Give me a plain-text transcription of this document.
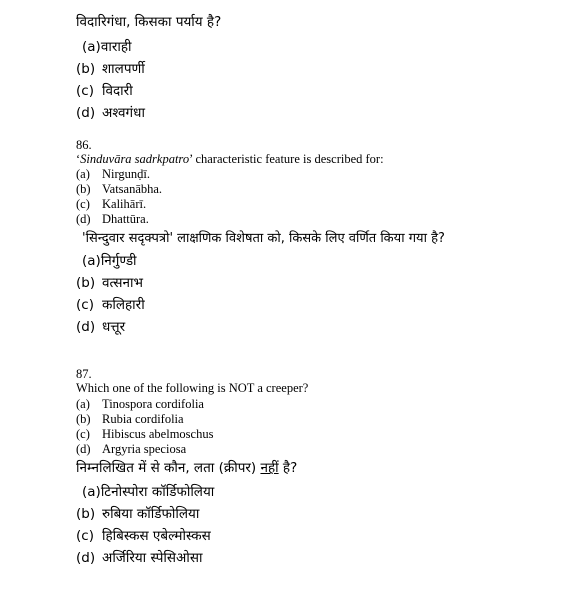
विदारिगंधा, किसका पर्याय है?
(a)वाराही
(b) शालपर्णी
(c) विदारी
(d) अश्वगंधा
86.
‘Sinduvāra sadrkpatro’ characteristic feature is described for:
(a) Nirgunḍī.
(b) Vatsanābha.
(c) Kalihārī.
(d) Dhattūra.
'सिन्दुवार सदृक्पत्रो' लाक्षणिक विशेषता को, किसके लिए वर्णित किया गया है?
(a)निर्गुण्डी
(b) वत्सनाभ
(c) कलिहारी
(d) धत्तूर
87.
Which one of the following is NOT a creeper?
(a) Tinospora cordifolia
(b) Rubia cordifolia
(c) Hibiscus abelmoschus
(d) Argyria speciosa
निम्नलिखित में से कौन, लता (क्रीपर) नहीं है?
(a)टिनोस्पोरा कॉर्डिफोलिया
(b) रुबिया कॉर्डिफोलिया
(c) हिबिस्कस एबेल्मोस्कस
(d) अर्जिरिया स्पेसिओसा
